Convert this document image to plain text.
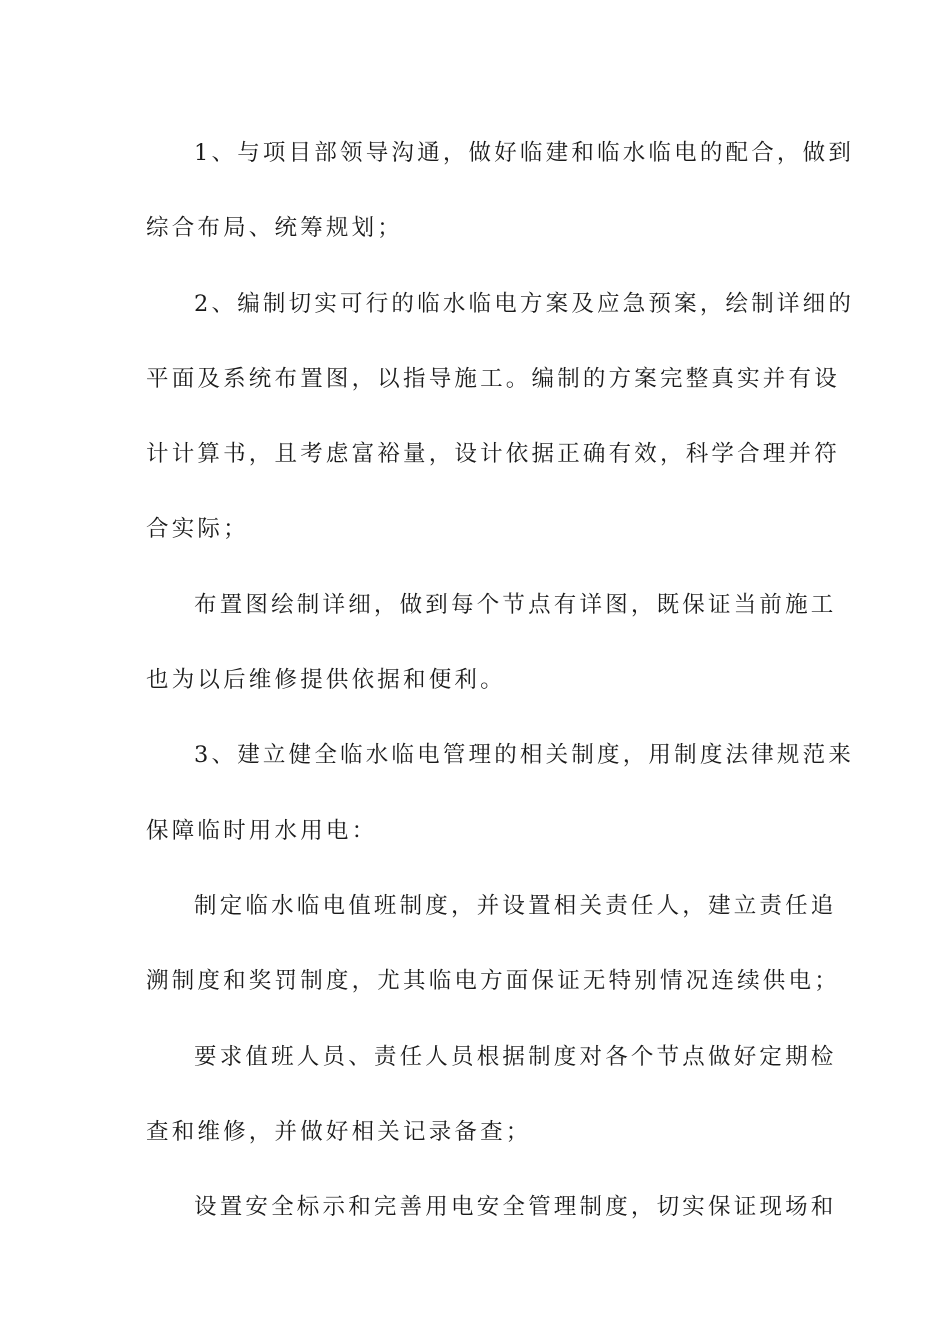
1、与项目部领导沟通，做好临建和临水临电的配合，做到
综合布局、统筹规划；
2、编制切实可行的临水临电方案及应急预案，绘制详细的
平面及系统布置图，以指导施工。编制的方案完整真实并有设
计计算书，且考虑富裕量，设计依据正确有效，科学合理并符
合实际；
布置图绘制详细，做到每个节点有详图，既保证当前施工
也为以后维修提供依据和便利。
3、建立健全临水临电管理的相关制度，用制度法律规范来
保障临时用水用电：
制定临水临电值班制度，并设置相关责任人，建立责任追
溯制度和奖罚制度，尤其临电方面保证无特别情况连续供电；
要求值班人员、责任人员根据制度对各个节点做好定期检
查和维修，并做好相关记录备查；
设置安全标示和完善用电安全管理制度，切实保证现场和
